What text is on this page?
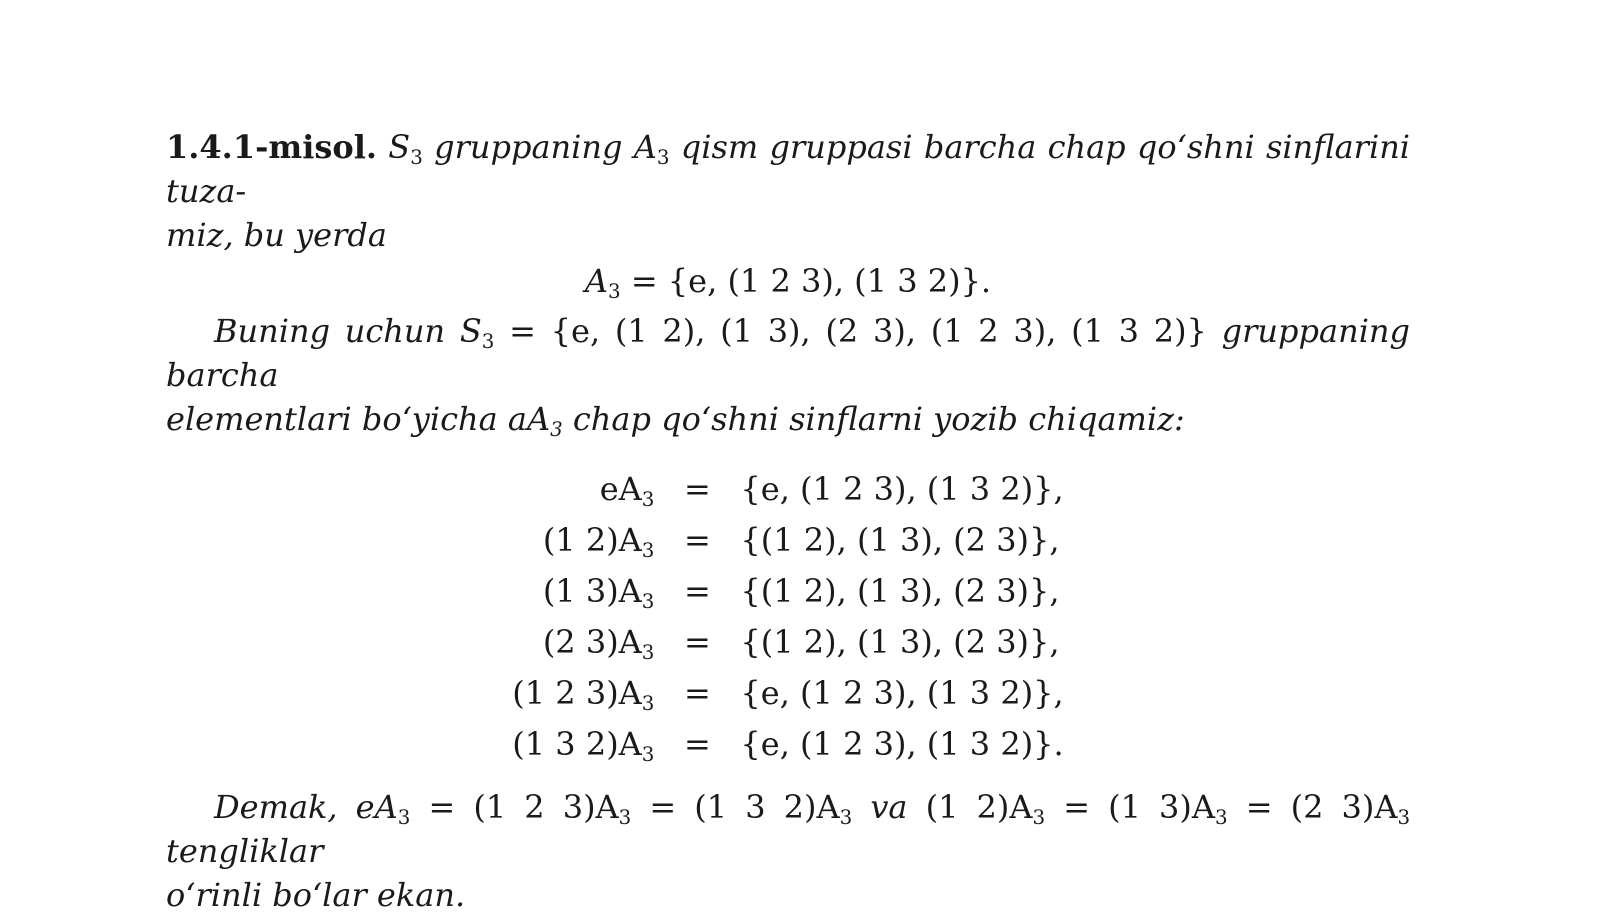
1.4.1-misol. $S_3$ gruppaning $A_3$ qism gruppasi barcha chap qo‘shni sinflarini tuza-
miz, bu yerda

$A_3 = \{e$, (1 2 3), (1 3 2)}.

Buning uchun $S_3 = \{e$, (1 2), (1 3), (2 3), (1 2 3), (1 3 2)} gruppaning barcha
elementlari bo‘yicha $aA_3$ chap qo‘shni sinflarni yozib chiqamiz:

$eA_3$	=	{e, (1 2 3), (1 3 2)},
(1 $2)A_3$	=	{(1 2), (1 3), (2 3)},
(1 $3)A_3$	=	{(1 2), (1 3), (2 3)},
(2 $3)A_3$	=	{(1 2), (1 3), (2 3)},
(1 2 $3)A_3$	=	{e, (1 2 3), (1 3 2)},
(1 3 $2)A_3$	=	{e, (1 2 3), (1 3 2)}.

Demak, $eA_3 = (1$ 2 $3)A_3 = (1$ 3 $2)A_3$ va (1 $2)A_3 = (1$ $3)A_3 = (2$ $3)A_3$ tengliklar
o‘rinli bo‘lar ekan.
